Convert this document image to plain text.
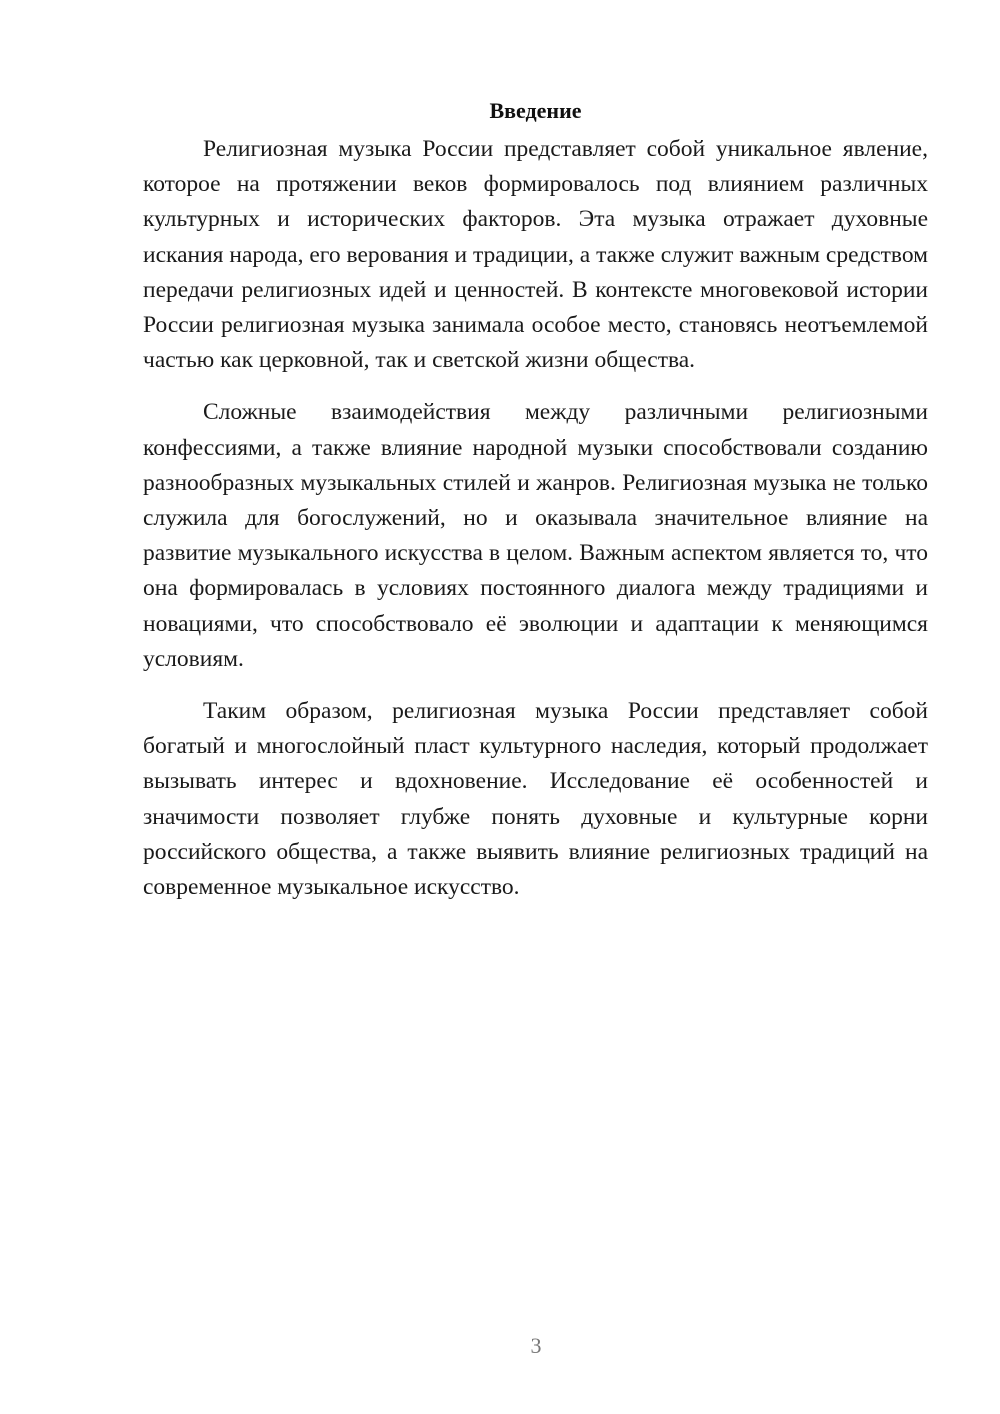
Введение

Религиозная музыка России представляет собой уникальное явление, которое на протяжении веков формировалось под влиянием различных культурных и исторических факторов. Эта музыка отражает духовные искания народа, его верования и традиции, а также служит важным средством передачи религиозных идей и ценностей. В контексте многовековой истории России религиозная музыка занимала особое место, становясь неотъемлемой частью как церковной, так и светской жизни общества.

Сложные взаимодействия между различными религиозными конфессиями, а также влияние народной музыки способствовали созданию разнообразных музыкальных стилей и жанров. Религиозная музыка не только служила для богослужений, но и оказывала значительное влияние на развитие музыкального искусства в целом. Важным аспектом является то, что она формировалась в условиях постоянного диалога между традициями и новациями, что способствовало её эволюции и адаптации к меняющимся условиям.

Таким образом, религиозная музыка России представляет собой богатый и многослойный пласт культурного наследия, который продолжает вызывать интерес и вдохновение. Исследование её особенностей и значимости позволяет глубже понять духовные и культурные корни российского общества, а также выявить влияние религиозных традиций на современное музыкальное искусство.

3
